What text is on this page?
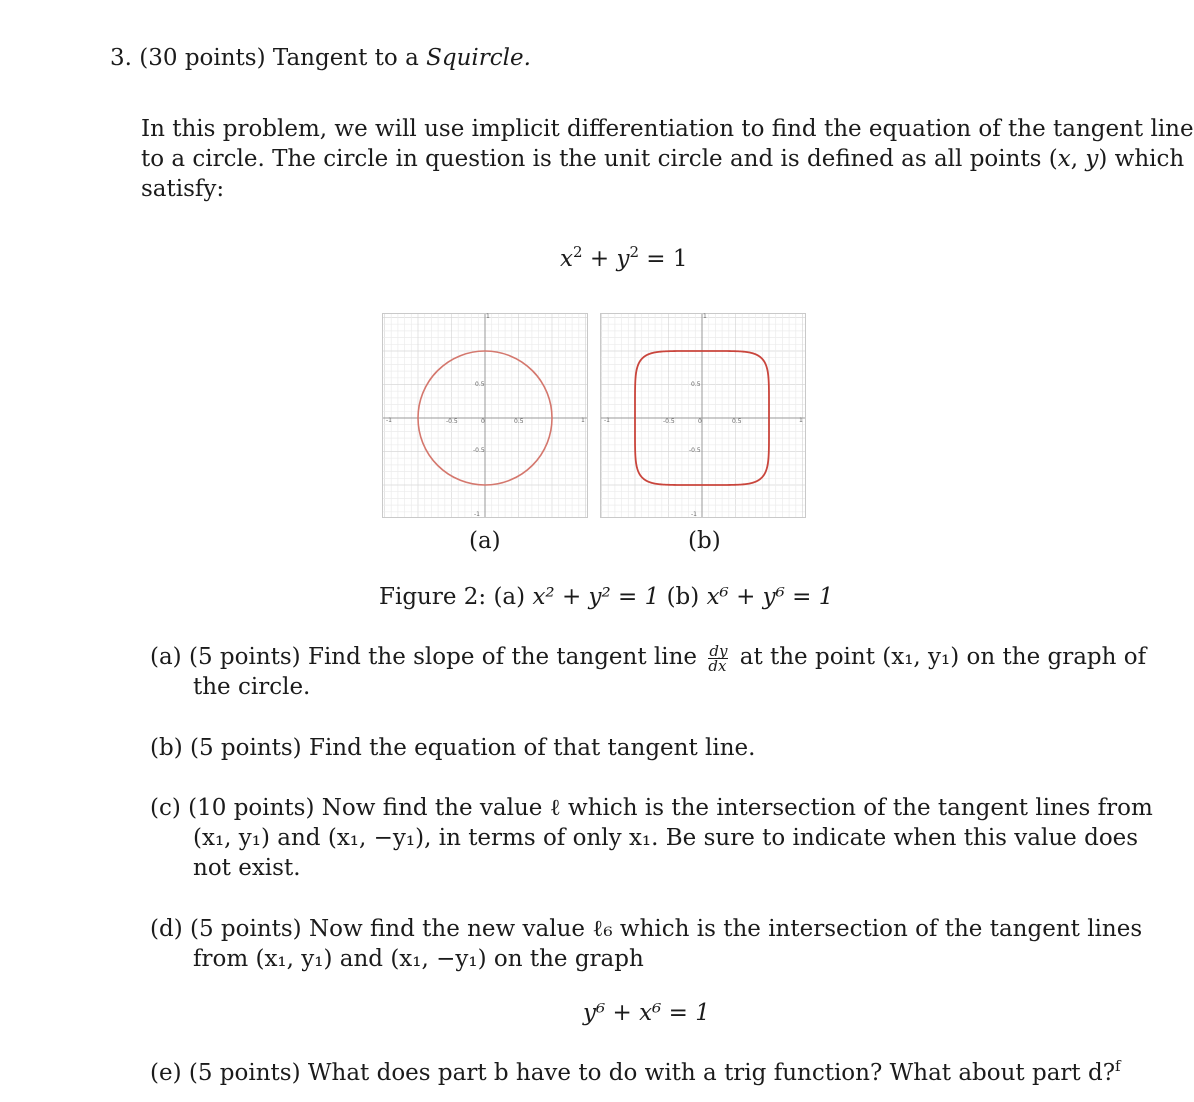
3. (30 points) Tangent to a Squircle.
In this problem, we will use implicit differentiation to find the equation of the tangent line
to a circle. The circle in question is the unit circle and is defined as all points (x, y) which
satisfy:
$x^2 + y^2 = 1$
-1	1
-0.5	0	0.5
0.5
-0.5
1
-1
(a)
-1	1
-0.5	0	0.5
0.5
-0.5
1
-1
(b)
Figure 2: (a) x² + y² = 1 (b) x⁶ + y⁶ = 1
(a) (5 points) Find the slope of the tangent line $\frac{dy}{dx}$ at the point (x₁, y₁) on the graph of
the circle.
(b) (5 points) Find the equation of that tangent line.
(c) (10 points) Now find the value ℓ which is the intersection of the tangent lines from
(x₁, y₁) and (x₁, −y₁), in terms of only x₁. Be sure to indicate when this value does
not exist.
(d) (5 points) Now find the new value ℓ₆ which is the intersection of the tangent lines
from (x₁, y₁) and (x₁, −y₁) on the graph
y⁶ + x⁶ = 1
(e) (5 points) What does part b have to do with a trig function? What about part d?$^f$
